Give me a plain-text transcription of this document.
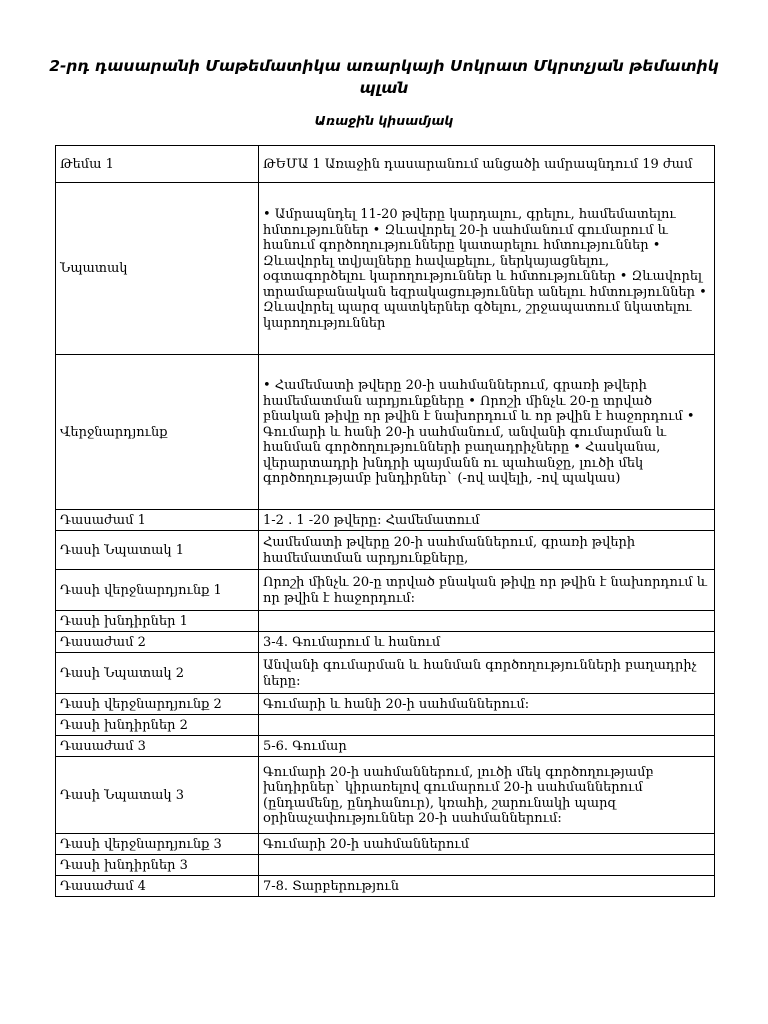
2-րդ դասարանի Մաթեմատիկա առարկայի Սոկրատ Մկրտչյան թեմատիկ պլան
Առաջին կիսամյակ
Թեմա 1	ԹԵՄԱ 1 Առաջին դասարանում անցածի ամրապնդում 19 ժամ
Նպատակ	• Ամրապնդել 11-20 թվերը կարդալու, գրելու, համեմատելու հմտություններ • Զևավորել 20-ի սահմանում գումարում և հանում գործողությունները կատարելու հմտություններ • Զևավորել տվյալները հավաքելու, ներկայացնելու, օգտագործելու կարողություններ և հմտություններ • Զևավորել տրամաբանական եզրակացություններ անելու հմտություններ • Զևավորել պարզ պատկերներ գծելու, շրջապատում նկատելու կարողություններ
Վերջնարդյունք	• Համեմատի թվերը 20-ի սահմաններում, գրառի թվերի համեմատման արդյունքները • Որոշի մինչև 20-ը տրված բնական թիվը որ թվին է նախորդում և որ թվին է հաջորդում • Գումարի և հանի 20-ի սահմանում, անվանի գումարման և հանման գործողությունների բաղադրիչները • Հասկանա, վերարտադրի խնդրի պայմանն ու պահանջը, լուծի մեկ գործողությամբ խնդիրներ` (-ով ավելի, -ով պակաս)
Դասաժամ 1	1-2 . 1 -20 թվերը: Համեմատում
Դասի Նպատակ 1	Համեմատի թվերը 20-ի սահմաններում, գրառի թվերի համեմատման արդյունքները,
Դասի վերջնարդյունք 1	Որոշի մինչև 20-ը տրված բնական թիվը որ թվին է նախորդում և որ թվին է հաջորդում:
Դասի խնդիրներ 1	
Դասաժամ 2	3-4. Գումարում և հանում
Դասի Նպատակ 2	Անվանի գումարման և հանման գործողությունների բաղադրիչ ները:
Դասի վերջնարդյունք 2	Գումարի և հանի 20-ի սահմաններում:
Դասի խնդիրներ 2	
Դասաժամ 3	5-6. Գումար
Դասի Նպատակ 3	Գումարի 20-ի սահմաններում, լուծի մեկ գործողությամբ խնդիրներ` կիրառելով գումարում 20-ի սահմաններում (ընդամենը, ընդհանուր), կռահի, շարունակի պարզ օրինաչափություններ 20-ի սահմաններում:
Դասի վերջնարդյունք 3	Գումարի 20-ի սահմաններում
Դասի խնդիրներ 3	
Դասաժամ 4	7-8. Տարբերություն
